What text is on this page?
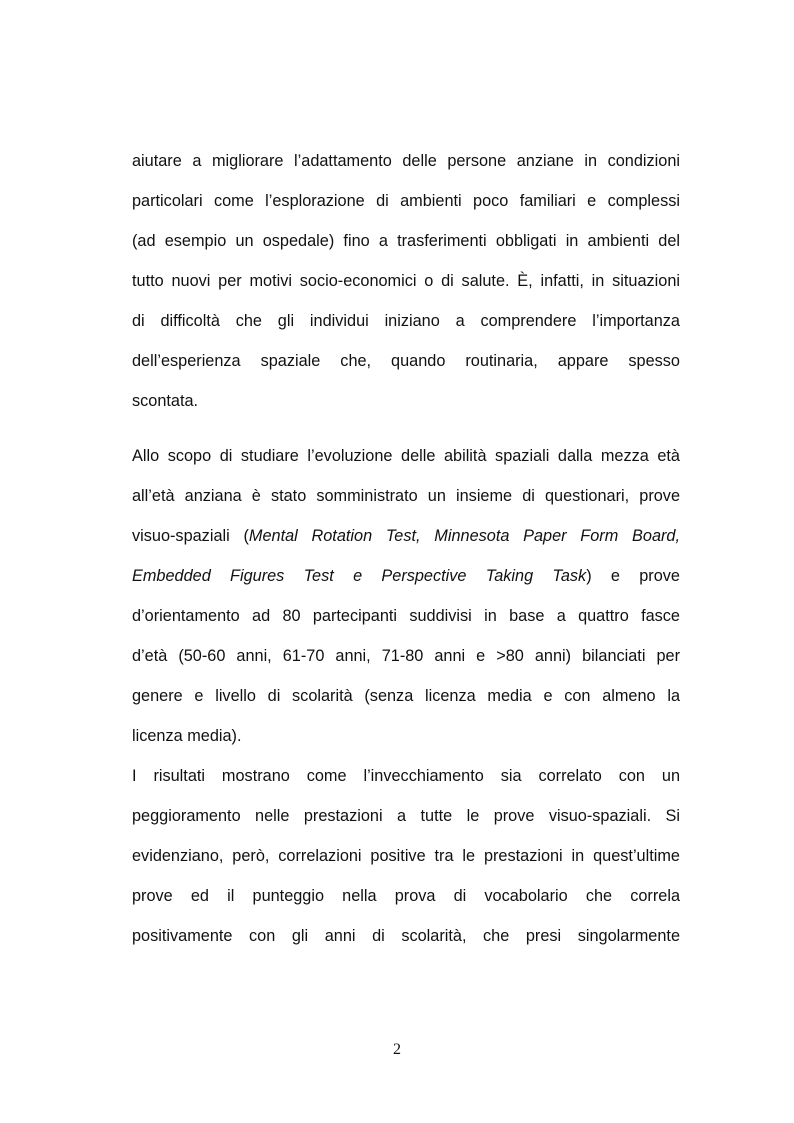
aiutare a migliorare l’adattamento delle persone anziane in condizioni
particolari come l’esplorazione di ambienti poco familiari e complessi
(ad esempio un ospedale) fino a trasferimenti obbligati in ambienti del
tutto nuovi per motivi socio-economici o di salute. È, infatti, in situazioni
di difficoltà che gli individui iniziano a comprendere l’importanza
dell’esperienza spaziale che, quando routinaria, appare spesso
scontata.

Allo scopo di studiare l’evoluzione delle abilità spaziali dalla mezza età
all’età anziana è stato somministrato un insieme di questionari, prove
visuo-spaziali (Mental Rotation Test, Minnesota Paper Form Board,
Embedded Figures Test e Perspective Taking Task) e prove
d’orientamento ad 80 partecipanti suddivisi in base a quattro fasce
d’età (50-60 anni, 61-70 anni, 71-80 anni e >80 anni) bilanciati per
genere e livello di scolarità (senza licenza media e con almeno la
licenza media).

I risultati mostrano come l’invecchiamento sia correlato con un
peggioramento nelle prestazioni a tutte le prove visuo-spaziali. Si
evidenziano, però, correlazioni positive tra le prestazioni in quest’ultime
prove ed il punteggio nella prova di vocabolario che correla
positivamente con gli anni di scolarità, che presi singolarmente

2
